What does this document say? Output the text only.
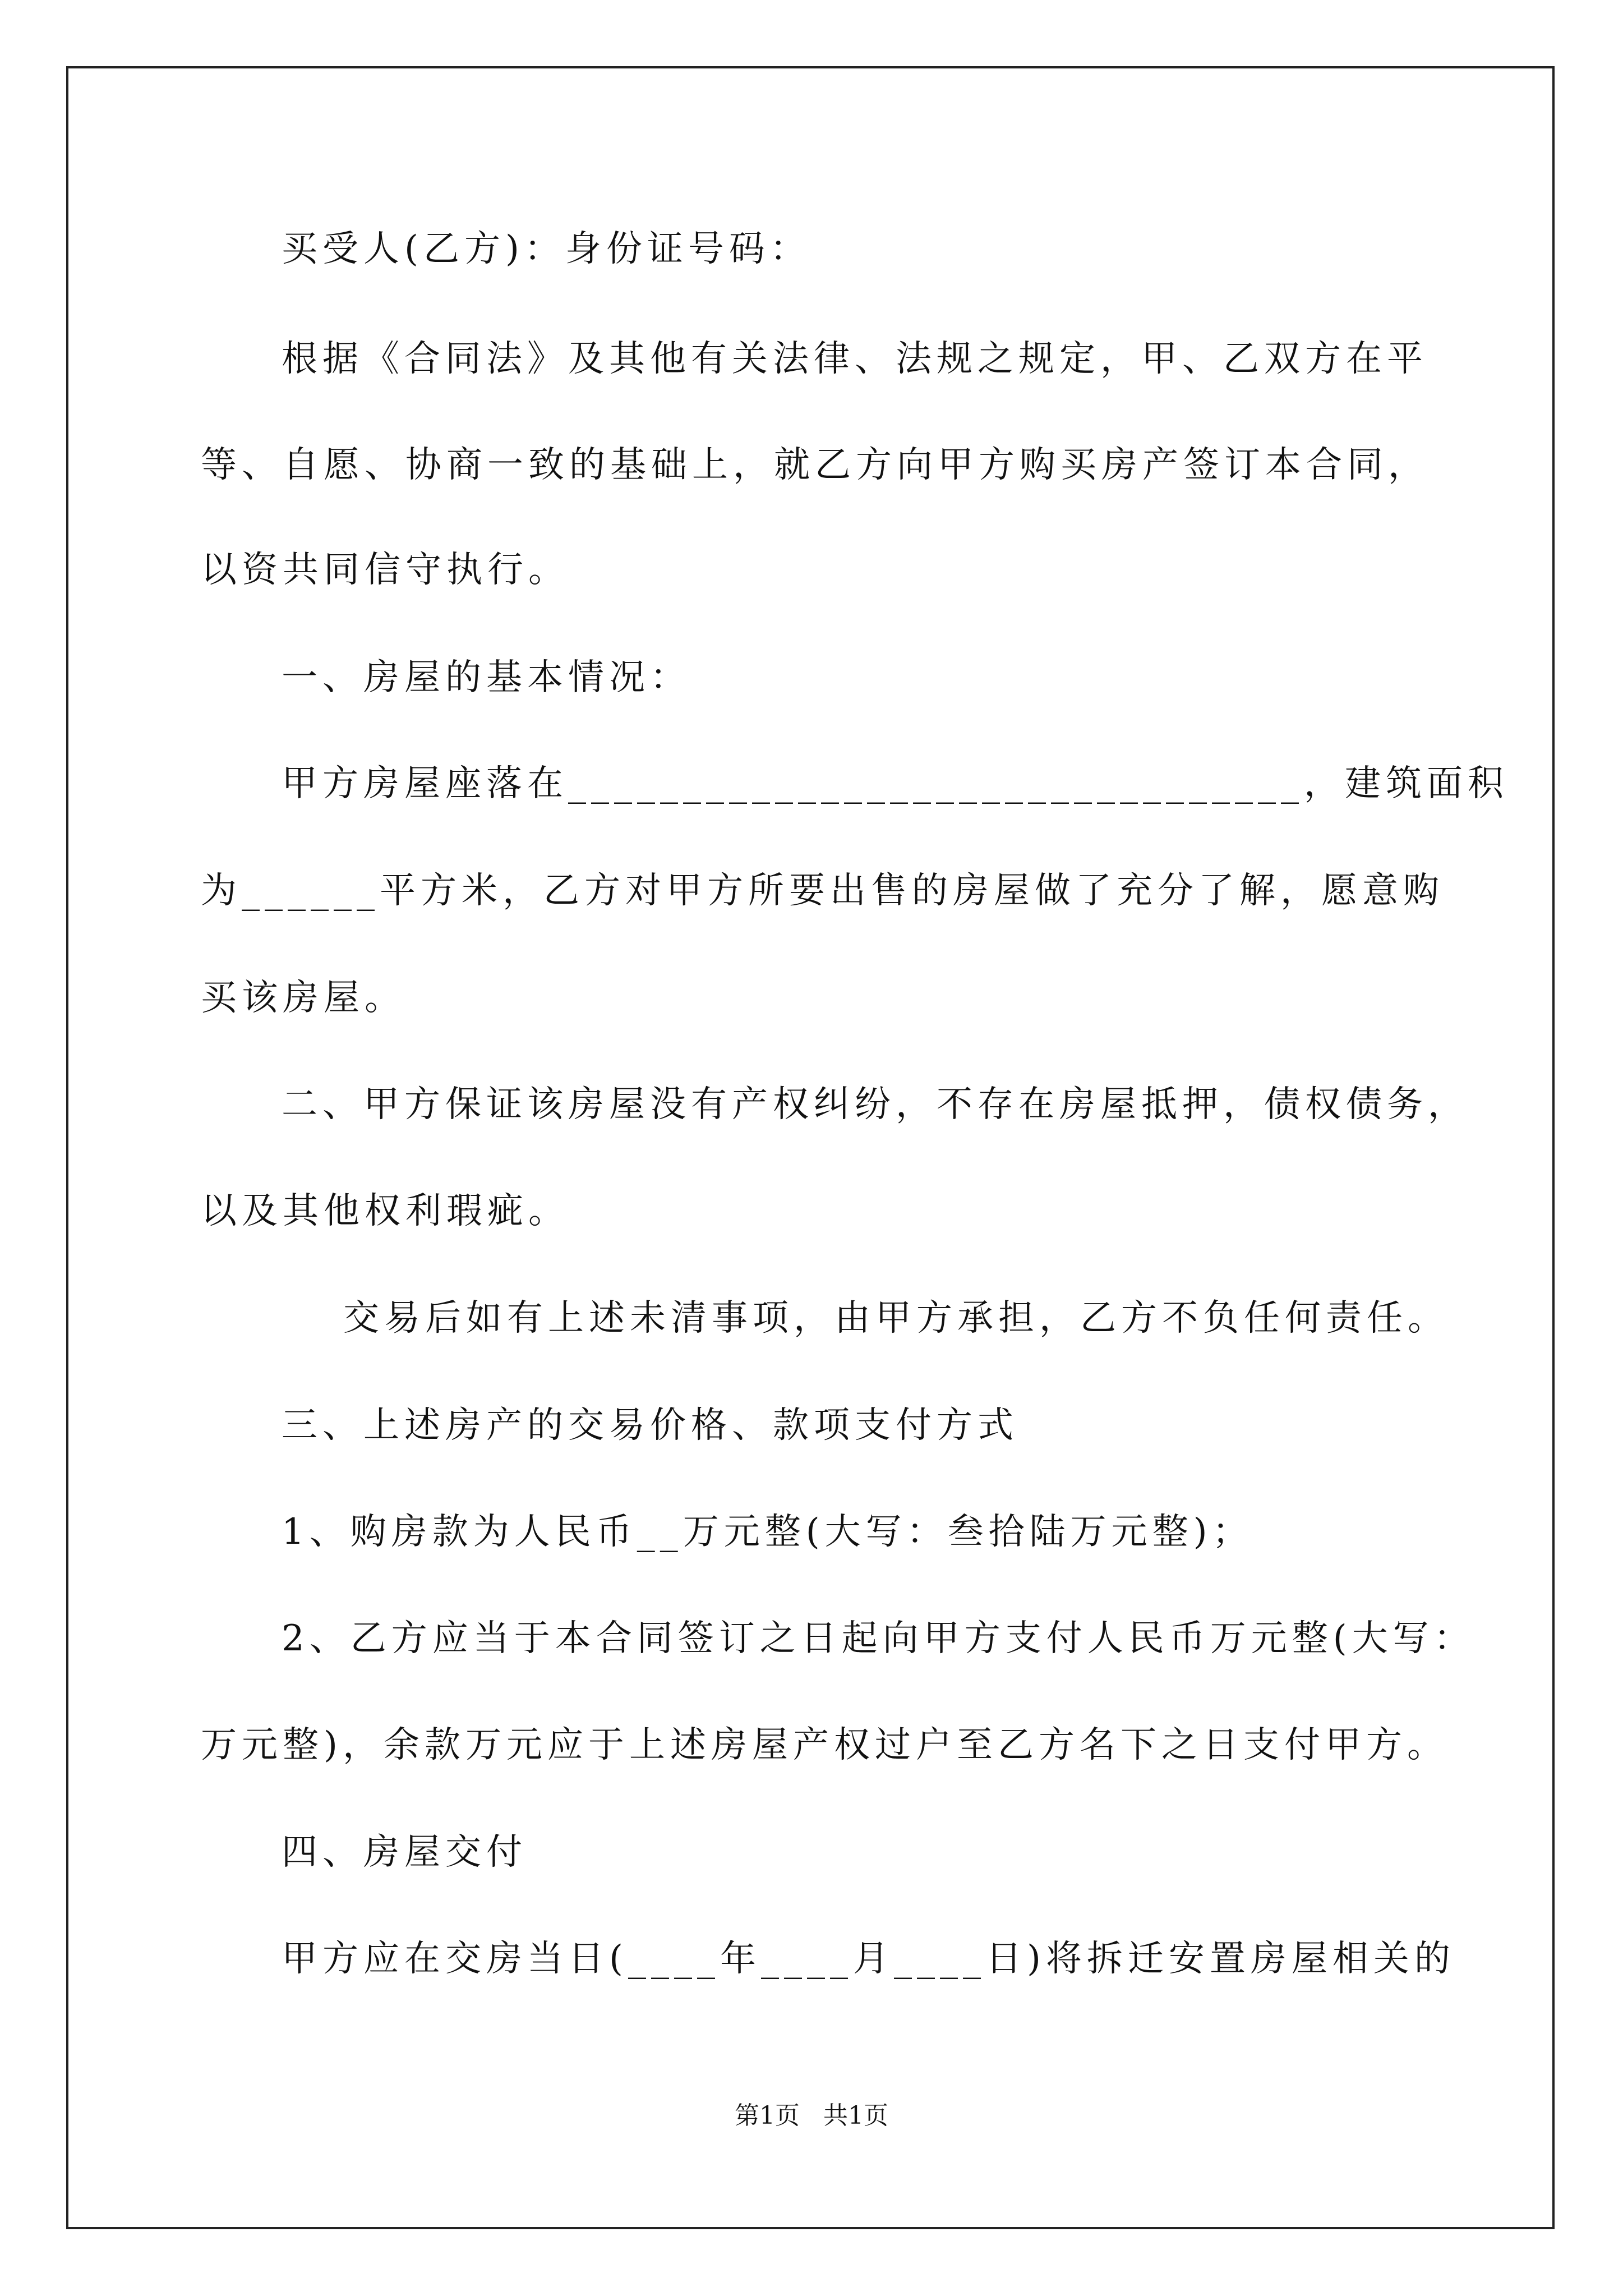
买受人(乙方)：身份证号码：
根据《合同法》及其他有关法律、法规之规定，甲、乙双方在平
等、自愿、协商一致的基础上，就乙方向甲方购买房产签订本合同，
以资共同信守执行。
一、房屋的基本情况：
甲方房屋座落在________________________________，建筑面积
为______平方米，乙方对甲方所要出售的房屋做了充分了解，愿意购
买该房屋。
二、甲方保证该房屋没有产权纠纷，不存在房屋抵押，债权债务，
以及其他权利瑕疵。
交易后如有上述未清事项，由甲方承担，乙方不负任何责任。
三、上述房产的交易价格、款项支付方式
1、购房款为人民币__万元整(大写：叁拾陆万元整)；
2、乙方应当于本合同签订之日起向甲方支付人民币万元整(大写：
万元整)，余款万元应于上述房屋产权过户至乙方名下之日支付甲方。
四、房屋交付
甲方应在交房当日(____年____月____日)将拆迁安置房屋相关的
第1页   共1页
